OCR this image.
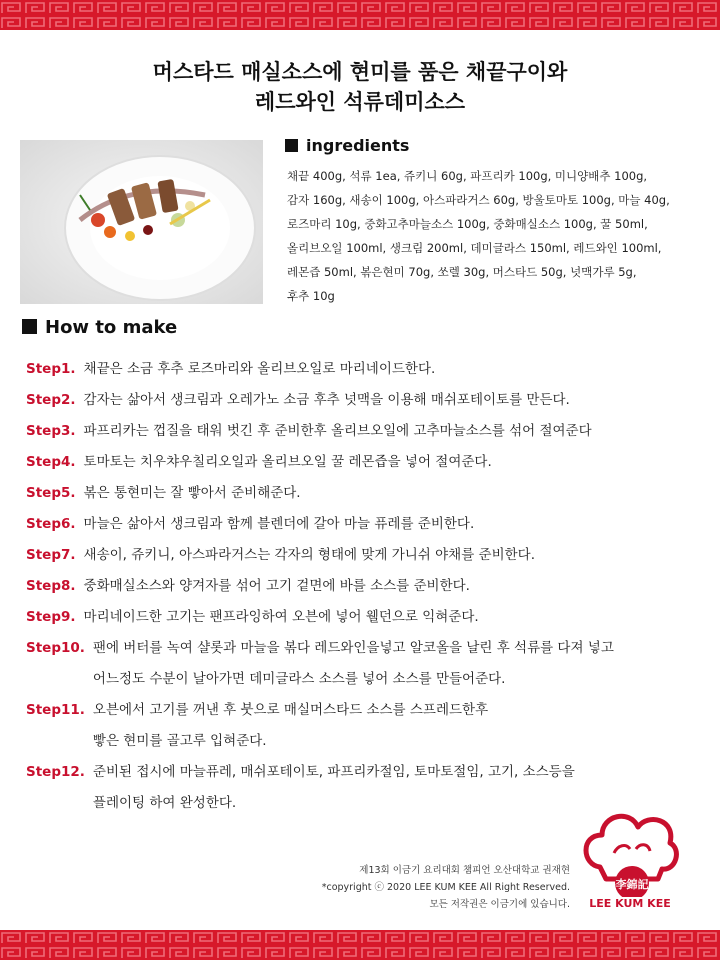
머스타드 매실소스에 현미를 품은 채끝구이와
레드와인 석류데미소스
ingredients
채끝 400g, 석류 1ea, 쥬키니 60g, 파프리카 100g, 미니양배추 100g,
감자 160g, 새송이 100g, 아스파라거스 60g, 방울토마토 100g, 마늘 40g,
로즈마리 10g, 중화고추마늘소스 100g, 중화매실소스 100g, 꿀 50ml,
올리브오일 100ml, 생크림 200ml, 데미글라스 150ml, 레드와인 100ml,
레몬즙 50ml, 볶은현미 70g, 쏘렐 30g, 머스타드 50g, 넛맥가루 5g,
후추 10g
How to make
Step1. 채끝은 소금 후추 로즈마리와 올리브오일로 마리네이드한다.
Step2. 감자는 삶아서 생크림과 오레가노 소금 후추 넛맥을 이용해 매쉬포테이토를 만든다.
Step3. 파프리카는 껍질을 태워 벗긴 후 준비한후 올리브오일에 고추마늘소스를 섞어 절여준다
Step4. 토마토는 치우챠우칠리오일과 올리브오일 꿀 레몬즙을 넣어 절여준다.
Step5. 볶은 통현미는 잘 빻아서 준비해준다.
Step6. 마늘은 삶아서 생크림과 함께 블렌더에 갈아 마늘 퓨레를 준비한다.
Step7. 새송이, 쥬키니, 아스파라거스는 각자의 형태에 맞게 가니쉬 야채를 준비한다.
Step8. 중화매실소스와 양겨자를 섞어 고기 겉면에 바를 소스를 준비한다.
Step9. 마리네이드한 고기는 팬프라잉하여 오븐에 넣어 웰던으로 익혀준다.
Step10. 팬에 버터를 녹여 샬롯과 마늘을 볶다 레드와인을넣고 알코올을 날린 후 석류를 다져 넣고
어느정도 수분이 날아가면 데미글라스 소스를 넣어 소스를 만들어준다.
Step11. 오븐에서 고기를 꺼낸 후 붓으로 매실머스타드 소스를 스프레드한후
빻은 현미를 골고루 입혀준다.
Step12. 준비된 접시에 마늘퓨레, 매쉬포테이토, 파프리카절임, 토마토절임, 고기, 소스등을
플레이팅 하여 완성한다.
제13회 이금기 요리대회 챔피언 오산대학교 권재현
*copyright ⓒ 2020 LEE KUM KEE All Right Reserved.
모든 저작권은 이금기에 있습니다.
李錦記
LEE KUM KEE
